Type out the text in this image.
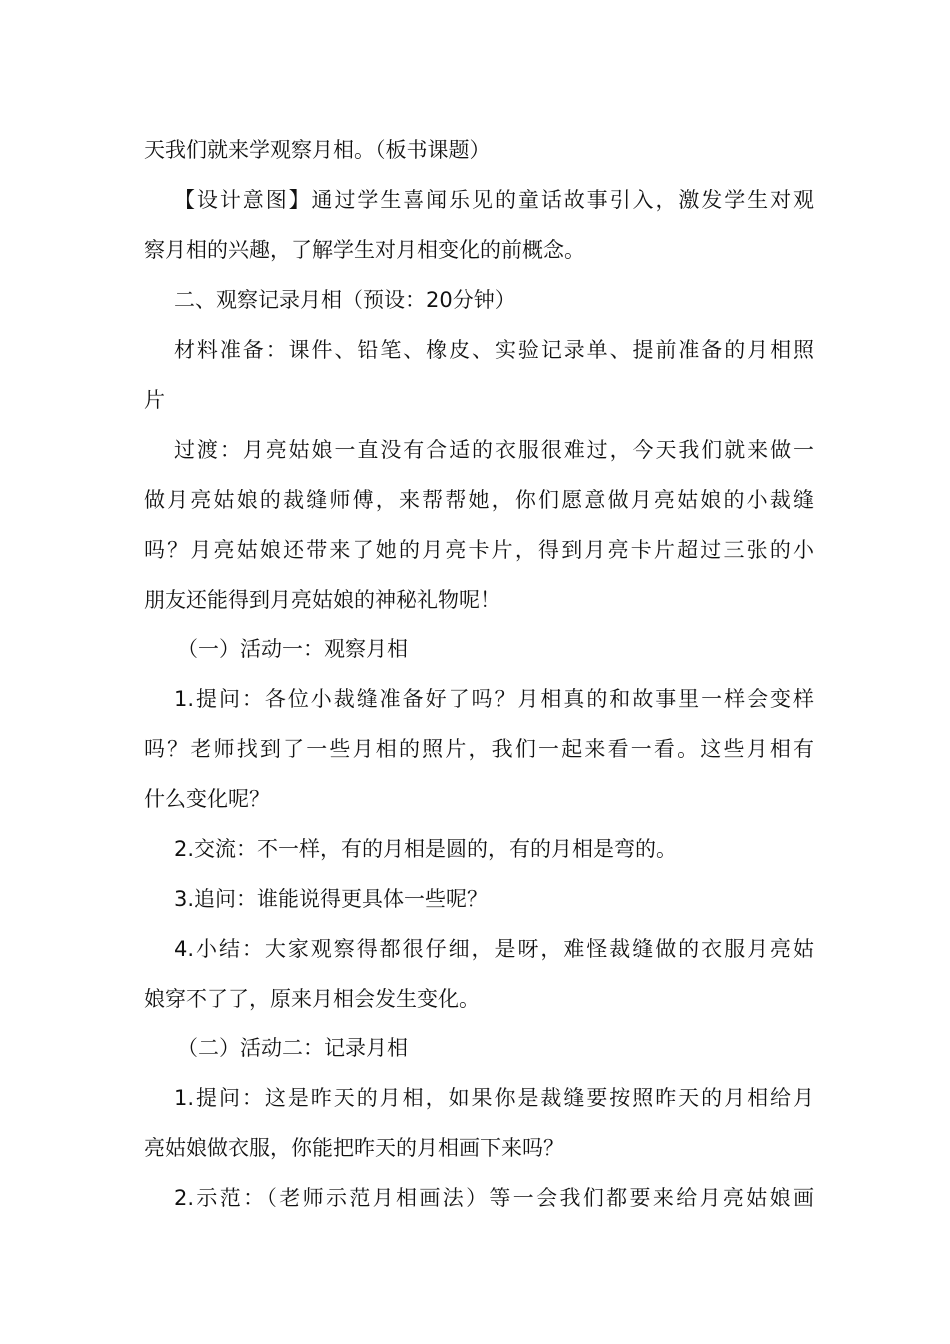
天我们就来学观察月相。（板书课题）
【设计意图】通过学生喜闻乐见的童话故事引入，激发学生对观
察月相的兴趣，了解学生对月相变化的前概念。
二、观察记录月相（预设：20分钟）
材料准备：课件、铅笔、橡皮、实验记录单、提前准备的月相照
片
过渡：月亮姑娘一直没有合适的衣服很难过，今天我们就来做一
做月亮姑娘的裁缝师傅，来帮帮她，你们愿意做月亮姑娘的小裁缝
吗？月亮姑娘还带来了她的月亮卡片，得到月亮卡片超过三张的小
朋友还能得到月亮姑娘的神秘礼物呢！
（一）活动一：观察月相
1.提问：各位小裁缝准备好了吗？月相真的和故事里一样会变样
吗？老师找到了一些月相的照片，我们一起来看一看。这些月相有
什么变化呢？
2.交流：不一样，有的月相是圆的，有的月相是弯的。
3.追问：谁能说得更具体一些呢？
4.小结：大家观察得都很仔细，是呀，难怪裁缝做的衣服月亮姑
娘穿不了了，原来月相会发生变化。
（二）活动二：记录月相
1.提问：这是昨天的月相，如果你是裁缝要按照昨天的月相给月
亮姑娘做衣服，你能把昨天的月相画下来吗？
2.示范：（老师示范月相画法）等一会我们都要来给月亮姑娘画
